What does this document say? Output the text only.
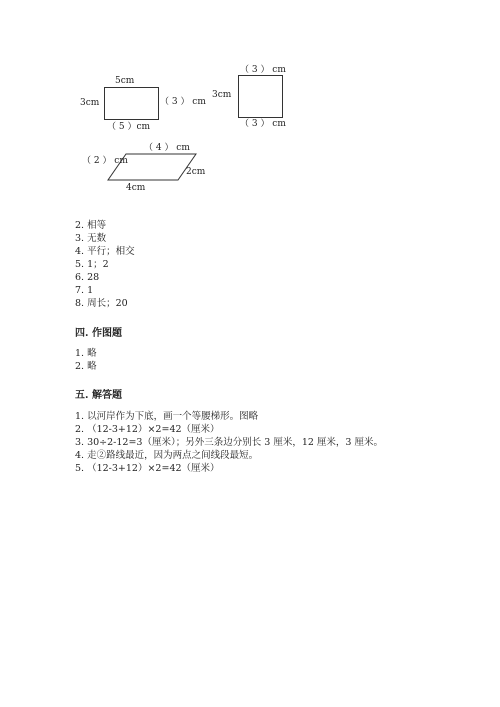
5cm
3cm	（ 3 ） cm
（ 5 ）cm
（ 3 ） cm
3cm
（ 3 ） cm
（ 4 ） cm
（ 2 ） cm
2cm
4cm
2. 相等
3. 无数
4. 平行；相交
5. 1；2
6. 28
7. 1
8. 周长；20
四. 作图题
1. 略
2. 略
五. 解答题
1. 以河岸作为下底，画一个等腰梯形。图略
2. （12-3+12）×2=42（厘米）
3. 30÷2-12=3（厘米）；另外三条边分别长 3 厘米，12 厘米，3 厘米。
4. 走②路线最近，因为两点之间线段最短。
5. （12-3+12）×2=42（厘米）
